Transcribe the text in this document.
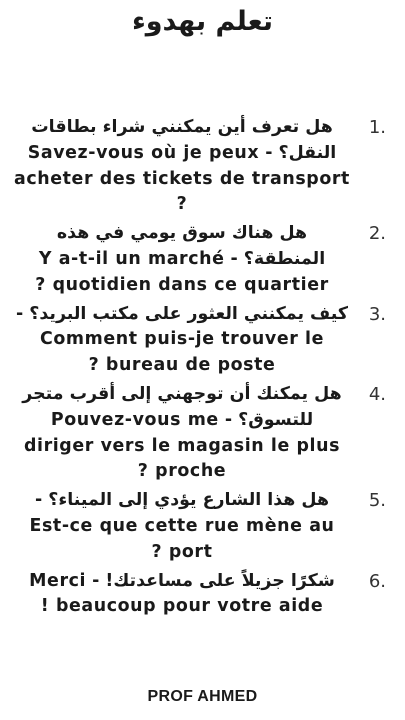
تعلم بهدوء
1.

هل تعرف أين يمكنني شراء بطاقات النقل؟ - Savez-vous où je peux acheter des tickets de transport ?

2.

هل هناك سوق يومي في هذه المنطقة؟ - Y a-t-il un marché quotidien dans ce quartier ?

3.

كيف يمكنني العثور على مكتب البريد؟ - Comment puis-je trouver le bureau de poste ?

4.

هل يمكنك أن توجهني إلى أقرب متجر للتسوق؟ - Pouvez-vous me diriger vers le magasin le plus proche ?

5.

هل هذا الشارع يؤدي إلى الميناء؟ - Est-ce que cette rue mène au port ?

6.

شكرًا جزيلاً على مساعدتك! - Merci beaucoup pour votre aide !

PROF AHMED
